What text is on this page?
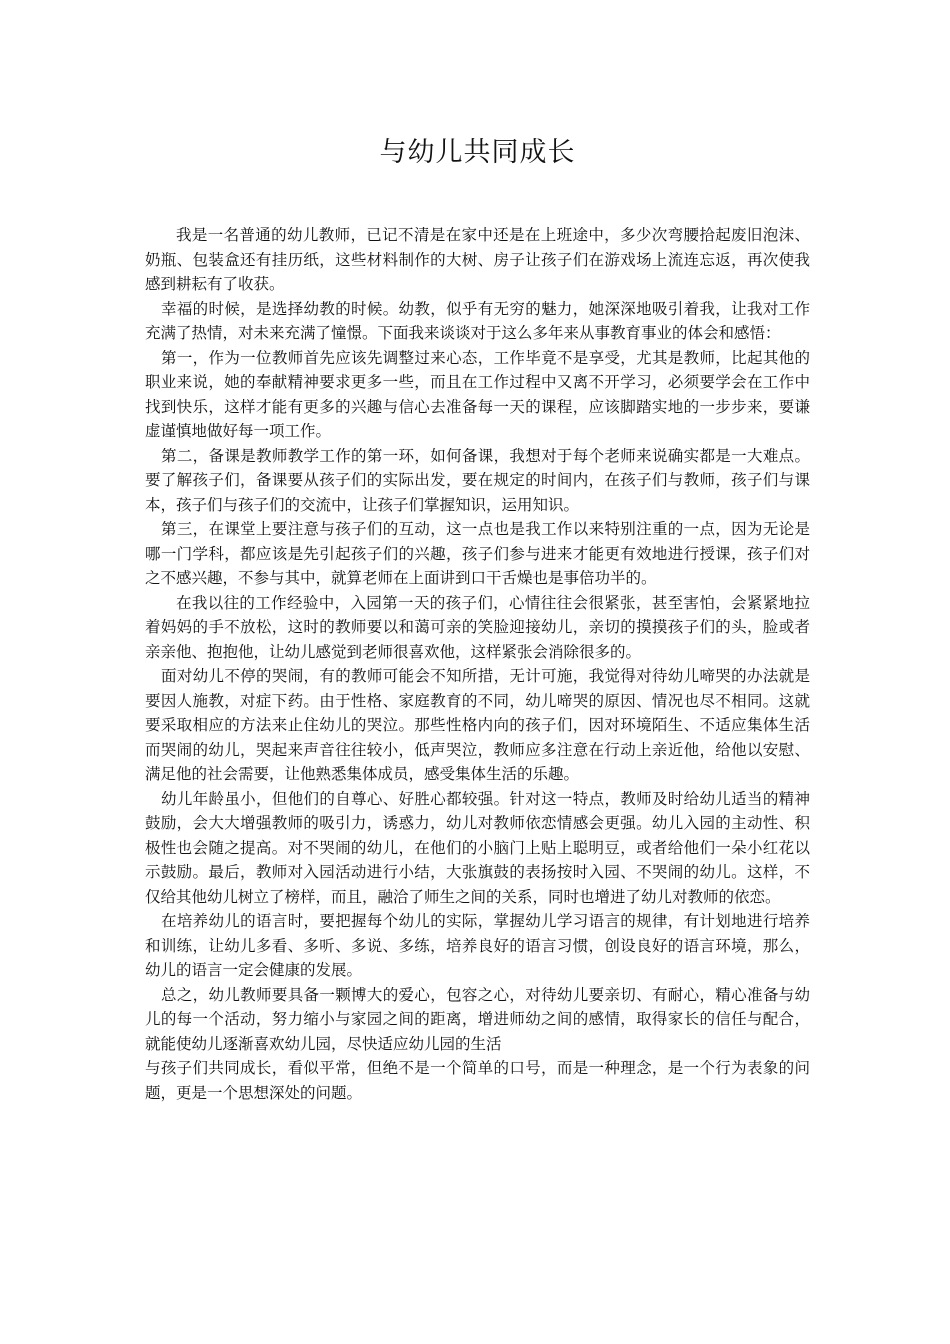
与幼儿共同成长

我是一名普通的幼儿教师，已记不清是在家中还是在上班途中，多少次弯腰拾起废旧泡沫、奶瓶、包装盒还有挂历纸，这些材料制作的大树、房子让孩子们在游戏场上流连忘返，再次使我感到耕耘有了收获。

幸福的时候，是选择幼教的时候。幼教，似乎有无穷的魅力，她深深地吸引着我，让我对工作充满了热情，对未来充满了憧憬。下面我来谈谈对于这么多年来从事教育事业的体会和感悟：

第一，作为一位教师首先应该先调整过来心态，工作毕竟不是享受，尤其是教师，比起其他的职业来说，她的奉献精神要求更多一些，而且在工作过程中又离不开学习，必须要学会在工作中找到快乐，这样才能有更多的兴趣与信心去准备每一天的课程，应该脚踏实地的一步步来，要谦虚谨慎地做好每一项工作。

第二，备课是教师教学工作的第一环，如何备课，我想对于每个老师来说确实都是一大难点。要了解孩子们，备课要从孩子们的实际出发，要在规定的时间内，在孩子们与教师，孩子们与课本，孩子们与孩子们的交流中，让孩子们掌握知识，运用知识。

第三，在课堂上要注意与孩子们的互动，这一点也是我工作以来特别注重的一点，因为无论是哪一门学科，都应该是先引起孩子们的兴趣，孩子们参与进来才能更有效地进行授课，孩子们对之不感兴趣，不参与其中，就算老师在上面讲到口干舌燥也是事倍功半的。

在我以往的工作经验中，入园第一天的孩子们，心情往往会很紧张，甚至害怕，会紧紧地拉着妈妈的手不放松，这时的教师要以和蔼可亲的笑脸迎接幼儿，亲切的摸摸孩子们的头，脸或者亲亲他、抱抱他，让幼儿感觉到老师很喜欢他，这样紧张会消除很多的。

面对幼儿不停的哭闹，有的教师可能会不知所措，无计可施，我觉得对待幼儿啼哭的办法就是要因人施教，对症下药。由于性格、家庭教育的不同，幼儿啼哭的原因、情况也尽不相同。这就要采取相应的方法来止住幼儿的哭泣。那些性格内向的孩子们，因对环境陌生、不适应集体生活而哭闹的幼儿，哭起来声音往往较小，低声哭泣，教师应多注意在行动上亲近他，给他以安慰、满足他的社会需要，让他熟悉集体成员，感受集体生活的乐趣。

幼儿年龄虽小，但他们的自尊心、好胜心都较强。针对这一特点，教师及时给幼儿适当的精神鼓励，会大大增强教师的吸引力，诱惑力，幼儿对教师依恋情感会更强。幼儿入园的主动性、积极性也会随之提高。对不哭闹的幼儿，在他们的小脑门上贴上聪明豆，或者给他们一朵小红花以示鼓励。最后，教师对入园活动进行小结，大张旗鼓的表扬按时入园、不哭闹的幼儿。这样，不仅给其他幼儿树立了榜样，而且，融洽了师生之间的关系，同时也增进了幼儿对教师的依恋。

在培养幼儿的语言时，要把握每个幼儿的实际，掌握幼儿学习语言的规律，有计划地进行培养和训练，让幼儿多看、多听、多说、多练，培养良好的语言习惯，创设良好的语言环境，那么，幼儿的语言一定会健康的发展。

总之，幼儿教师要具备一颗博大的爱心，包容之心，对待幼儿要亲切、有耐心，精心准备与幼儿的每一个活动，努力缩小与家园之间的距离，增进师幼之间的感情，取得家长的信任与配合，就能使幼儿逐渐喜欢幼儿园，尽快适应幼儿园的生活

与孩子们共同成长，看似平常，但绝不是一个简单的口号，而是一种理念，是一个行为表象的问题，更是一个思想深处的问题。
